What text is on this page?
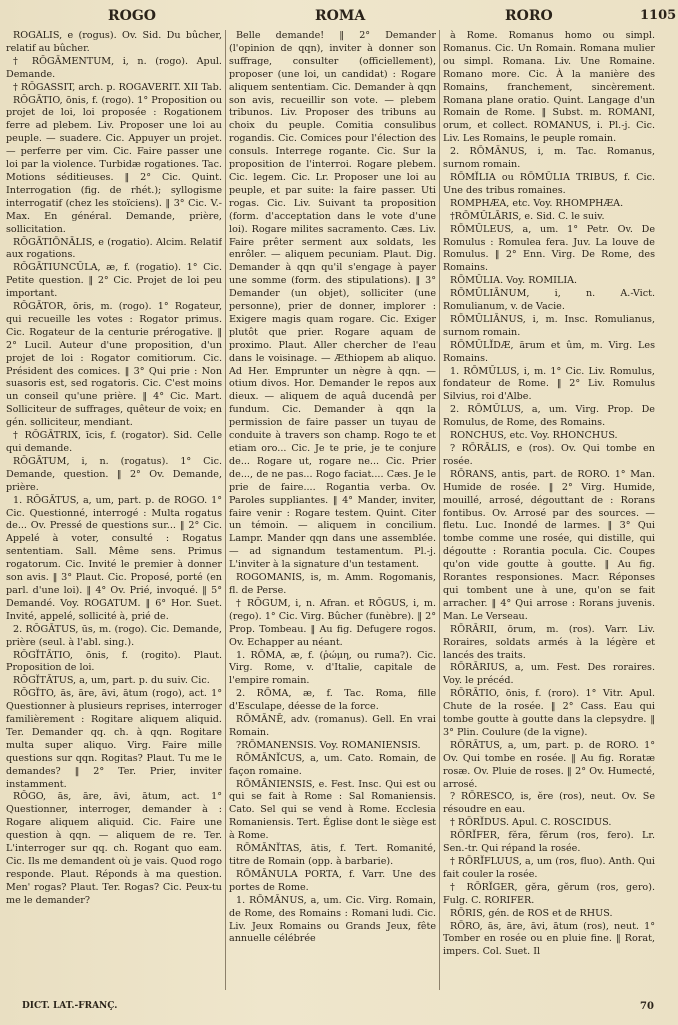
ROGO	ROMA	RORO	1105

RŎGĀLIS, e (rogus). Ov. Sid. Du bûcher, relatif au bûcher.

† RŎGĀMENTUM, i, n. (rogo). Apul. Demande.

† RŎGASSIT, arch. p. ROGAVERIT. XII Tab.

RŎGĀTIO, ōnis, f. (rogo). 1° Proposition ou projet de loi, loi proposée : Rogationem ferre ad plebem. Liv. Proposer une loi au peuple. — suadere. Cic. Appuyer un projet. — perferre per vim. Cic. Faire passer une loi par la violence. Turbidæ rogationes. Tac. Motions séditieuses. ‖ 2° Cic. Quint. Interrogation (fig. de rhét.); syllogisme interrogatif (chez les stoïciens). ‖ 3° Cic. V.-Max. En général. Demande, prière, sollicitation.

RŎGĀTIŌNĀLIS, e (rogatio). Alcim. Relatif aux rogations.

RŎGĀTIUNCŬLA, æ, f. (rogatio). 1° Cic. Petite question. ‖ 2° Cic. Projet de loi peu important.

RŎGĀTOR, ōris, m. (rogo). 1° Rogateur, qui recueille les votes : Rogator primus. Cic. Rogateur de la centurie prérogative. ‖ 2° Lucil. Auteur d'une proposition, d'un projet de loi : Rogator comitiorum. Cic. Président des comices. ‖ 3° Qui prie : Non suasoris est, sed rogatoris. Cic. C'est moins un conseil qu'une prière. ‖ 4° Cic. Mart. Solliciteur de suffrages, quêteur de voix; en gén. solliciteur, mendiant.

† RŎGĀTRIX, īcis, f. (rogator). Sid. Celle qui demande.

RŎGĀTUM, i, n. (rogatus). 1° Cic. Demande, question. ‖ 2° Ov. Demande, prière.

1. RŎGĀTUS, a, um, part. p. de ROGO. 1° Cic. Questionné, interrogé : Multa rogatus de... Ov. Pressé de questions sur... ‖ 2° Cic. Appelé à voter, consulté : Rogatus sententiam. Sall. Même sens. Primus rogatorum. Cic. Invité le premier à donner son avis. ‖ 3° Plaut. Cic. Proposé, porté (en parl. d'une loi). ‖ 4° Ov. Prié, invoqué. ‖ 5° Demandé. Voy. ROGATUM. ‖ 6° Hor. Suet. Invité, appelé, sollicité à, prié de.

2. RŎGĀTUS, ūs, m. (rogo). Cic. Demande, prière (seul. à l'abl. sing.).

RŎGĬTĀTIO, ōnis, f. (rogito). Plaut. Proposition de loi.

RŎGĬTĀTUS, a, um, part. p. du suiv. Cic.

RŎGĬTO, ās, āre, āvi, ātum (rogo), act. 1° Questionner à plusieurs reprises, interroger familièrement : Rogitare aliquem aliquid. Ter. Demander qq. ch. à qqn. Rogitare multa super aliquo. Virg. Faire mille questions sur qqn. Rogitas? Plaut. Tu me le demandes? ‖ 2° Ter. Prier, inviter instamment.

RŎGO, ās, āre, āvi, ātum, act. 1° Questionner, interroger, demander à : Rogare aliquem aliquid. Cic. Faire une question à qqn. — aliquem de re. Ter. L'interroger sur qq. ch. Rogant quo eam. Cic. Ils me demandent où je vais. Quod rogo responde. Plaut. Réponds à ma question. Men' rogas? Plaut. Ter. Rogas? Cic. Peux-tu me le demander?

Belle demande! ‖ 2° Demander (l'opinion de qqn), inviter à donner son suffrage, consulter (officiellement), proposer (une loi, un candidat) : Rogare aliquem sententiam. Cic. Demander à qqn son avis, recueillir son vote. — plebem tribunos. Liv. Proposer des tribuns au choix du peuple. Comitia consulibus rogandis. Cic. Comices pour l'élection des consuls. Interrege rogante. Cic. Sur la proposition de l'interroi. Rogare plebem. Cic. legem. Cic. Lr. Proposer une loi au peuple, et par suite: la faire passer. Uti rogas. Cic. Liv. Suivant ta proposition (form. d'acceptation dans le vote d'une loi). Rogare milites sacramento. Cæs. Liv. Faire prêter serment aux soldats, les enrôler. — aliquem pecuniam. Plaut. Dig. Demander à qqn qu'il s'engage à payer une somme (form. des stipulations). ‖ 3° Demander (un objet), solliciter (une personne), prier de donner, implorer : Exigere magis quam rogare. Cic. Exiger plutôt que prier. Rogare aquam de proximo. Plaut. Aller chercher de l'eau dans le voisinage. — Æthiopem ab aliquo. Ad Her. Emprunter un nègre à qqn. — otium divos. Hor. Demander le repos aux dieux. — aliquem de aquâ ducendâ per fundum. Cic. Demander à qqn la permission de faire passer un tuyau de conduite à travers son champ. Rogo te et etiam oro... Cic. Je te prie, je te conjure de... Rogare ut, rogare ne... Cic. Prier de..., de ne pas... Rogo faciat.... Cæs. Je le prie de faire.... Rogantia verba. Ov. Paroles suppliantes. ‖ 4° Mander, inviter, faire venir : Rogare testem. Quint. Citer un témoin. — aliquem in concilium. Lampr. Mander qqn dans une assemblée. — ad signandum testamentum. Pl.-j. L'inviter à la signature d'un testament.

ROGOMANIS, is, m. Amm. Rogomanis, fl. de Perse.

† RŎGUM, i, n. Afran. et RŎGUS, i, m. (rego). 1° Cic. Virg. Bûcher (funèbre). ‖ 2° Prop. Tombeau. ‖ Au fig. Defugere rogos. Ov. Echapper au néant.

1. RŌMA, æ, f. (ῥώμη, ou ruma?). Cic. Virg. Rome, v. d'Italie, capitale de l'empire romain.

2. RŌMA, æ, f. Tac. Roma, fille d'Esculape, déesse de la force.

RŌMĀNĒ, adv. (romanus). Gell. En vrai Romain.

?RŌMANENSIS. Voy. ROMANIENSIS.

RŌMĀNĬCUS, a, um. Cato. Romain, de façon romaine.

RŌMĀNIENSIS, e. Fest. Insc. Qui est ou qui se fait à Rome : Sal Romaniensis. Cato. Sel qui se vend à Rome. Ecclesia Romaniensis. Tert. Église dont le siège est à Rome.

RŌMĀNĬTAS, ātis, f. Tert. Romanité, titre de Romain (opp. à barbarie).

RŌMĀNULA PORTA, f. Varr. Une des portes de Rome.

1. RŌMĀNUS, a, um. Cic. Virg. Romain, de Rome, des Romains : Romani ludi. Cic. Liv. Jeux Romains ou Grands Jeux, fête annuelle célébrée

à Rome. Romanus homo ou simpl. Romanus. Cic. Un Romain. Romana mulier ou simpl. Romana. Liv. Une Romaine. Romano more. Cic. À la manière des Romains, franchement, sincèrement. Romana plane oratio. Quint. Langage d'un Romain de Rome. ‖ Subst. m. ROMANI, orum, et collect. ROMANUS, i. Pl.-j. Cic. Liv. Les Romains, le peuple romain.

2. RŌMĀNUS, i, m. Tac. Romanus, surnom romain.

RŌMĬLIA ou RŌMŪLIA TRIBUS, f. Cic. Une des tribus romaines.

ROMPHÆA, etc. Voy. RHOMPHÆA.

†RŌMŬLĀRIS, e. Sid. C. le suiv.

RŌMŬLEUS, a, um. 1° Petr. Ov. De Romulus : Romulea fera. Juv. La louve de Romulus. ‖ 2° Enn. Virg. De Rome, des Romains.

RŌMŬLIA. Voy. ROMILIA.

RŌMŬLIĀNUM, i, n. A.-Vict. Romulianum, v. de Vacie.

RŌMŬLIĀNUS, i, m. Insc. Romulianus, surnom romain.

RŌMŬLĬDÆ, ārum et ûm, m. Virg. Les Romains.

1. RŌMŬLUS, i, m. 1° Cic. Liv. Romulus, fondateur de Rome. ‖ 2° Liv. Romulus Silvius, roi d'Albe.

2. RŌMŬLUS, a, um. Virg. Prop. De Romulus, de Rome, des Romains.

RONCHUS, etc. Voy. RHONCHUS.

? RŌRĀLIS, e (ros). Ov. Qui tombe en rosée.

RŌRANS, antis, part. de RORO. 1° Man. Humide de rosée. ‖ 2° Virg. Humide, mouillé, arrosé, dégouttant de : Rorans fontibus. Ov. Arrosé par des sources. — fletu. Luc. Inondé de larmes. ‖ 3° Qui tombe comme une rosée, qui distille, qui dégoutte : Rorantia pocula. Cic. Coupes qu'on vide goutte à goutte. ‖ Au fig. Rorantes responsiones. Macr. Réponses qui tombent une à une, qu'on se fait arracher. ‖ 4° Qui arrose : Rorans juvenis. Man. Le Verseau.

RŌRĀRII, ōrum, m. (ros). Varr. Liv. Roraires, soldats armés à la légère et lancés des traits.

RŌRĀRIUS, a, um. Fest. Des roraires. Voy. le précéd.

RŌRĀTIO, ōnis, f. (roro). 1° Vitr. Apul. Chute de la rosée. ‖ 2° Cass. Eau qui tombe goutte à goutte dans la clepsydre. ‖ 3° Plin. Coulure (de la vigne).

RŌRĀTUS, a, um, part. p. de RORO. 1° Ov. Qui tombe en rosée. ‖ Au fig. Roratæ rosæ. Ov. Pluie de roses. ‖ 2° Ov. Humecté, arrosé.

? RŌRESCO, is, ĕre (ros), neut. Ov. Se résoudre en eau.

† RŌRĬDUS. Apul. C. ROSCIDUS.

RŌRĬFER, fĕra, fĕrum (ros, fero). Lr. Sen.-tr. Qui répand la rosée.

† RŌRĬFLUUS, a, um (ros, fluo). Anth. Qui fait couler la rosée.

† RŌRĬGER, gĕra, gĕrum (ros, gero). Fulg. C. RORIFER.

RŌRIS, gén. de ROS et de RHUS.

RŌRO, ās, āre, āvi, ātum (ros), neut. 1° Tomber en rosée ou en pluie fine. ‖ Rorat, impers. Col. Suet. Il

DICT. LAT.-FRANÇ.	70
